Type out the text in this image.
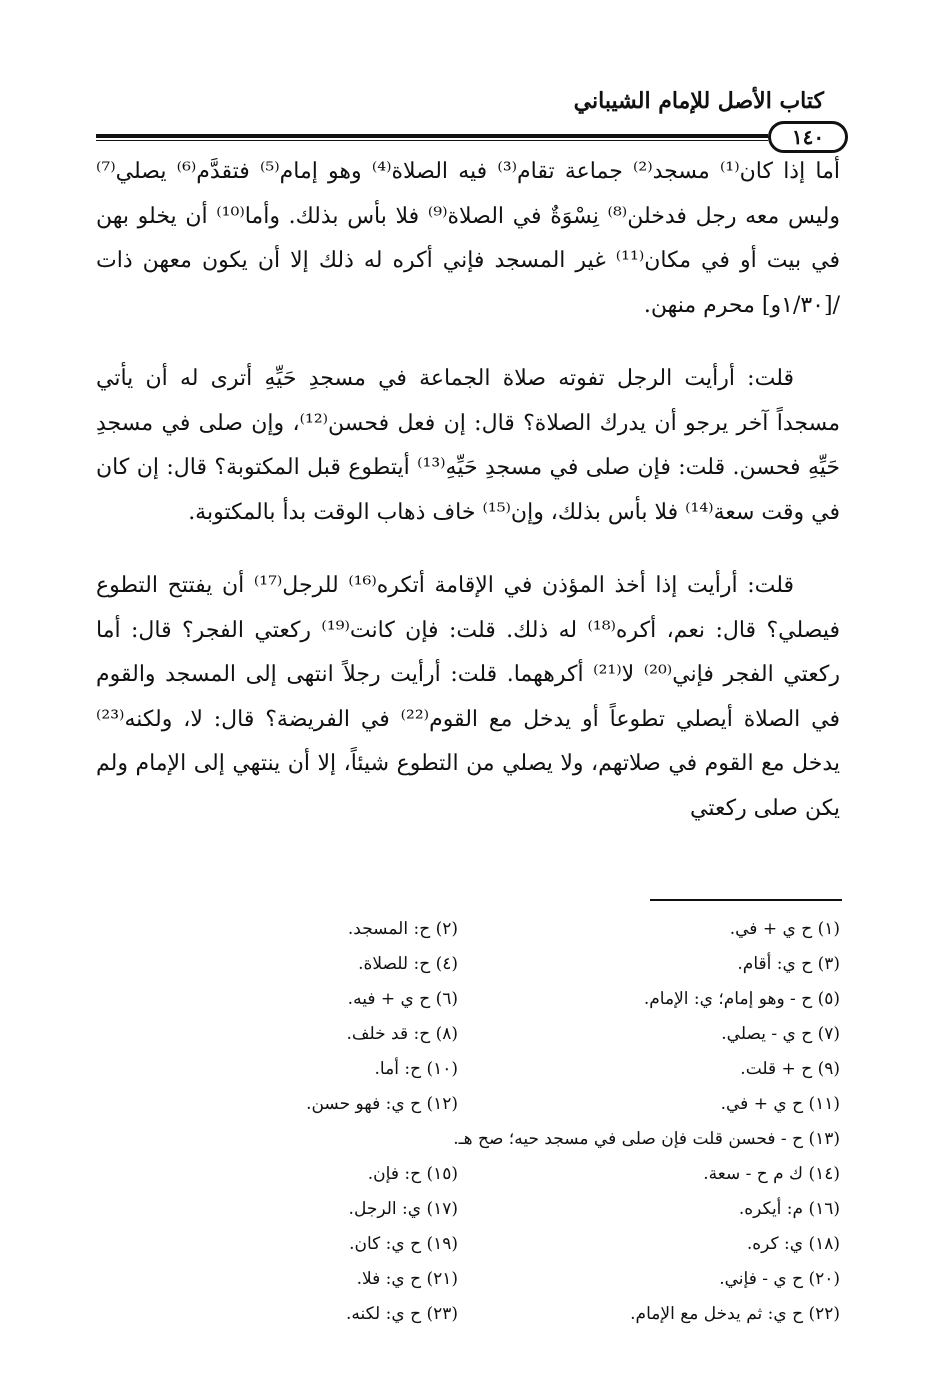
كتاب الأصل للإمام الشيباني
١٤٠

أما إذا كان⁽¹⁾ مسجد⁽²⁾ جماعة تقام⁽³⁾ فيه الصلاة⁽⁴⁾ وهو إمام⁽⁵⁾ فتقدَّم⁽⁶⁾ يصلي⁽⁷⁾ وليس معه رجل فدخلن⁽⁸⁾ نِسْوَةٌ في الصلاة⁽⁹⁾ فلا بأس بذلك. وأما⁽¹⁰⁾ أن يخلو بهن في بيت أو في مكان⁽¹¹⁾ غير المسجد فإني أكره له ذلك إلا أن يكون معهن ذات /[١/٣٠و] محرم منهن.

قلت: أرأيت الرجل تفوته صلاة الجماعة في مسجدِ حَيِّهِ أترى له أن يأتي مسجداً آخر يرجو أن يدرك الصلاة؟ قال: إن فعل فحسن⁽¹²⁾، وإن صلى في مسجدِ حَيِّهِ فحسن. قلت: فإن صلى في مسجدِ حَيِّهِ⁽¹³⁾ أيتطوع قبل المكتوبة؟ قال: إن كان في وقت سعة⁽¹⁴⁾ فلا بأس بذلك، وإن⁽¹⁵⁾ خاف ذهاب الوقت بدأ بالمكتوبة.

قلت: أرأيت إذا أخذ المؤذن في الإقامة أتكره⁽¹⁶⁾ للرجل⁽¹⁷⁾ أن يفتتح التطوع فيصلي؟ قال: نعم، أكره⁽¹⁸⁾ له ذلك. قلت: فإن كانت⁽¹⁹⁾ ركعتي الفجر؟ قال: أما ركعتي الفجر فإني⁽²⁰⁾ لا⁽²¹⁾ أكرههما. قلت: أرأيت رجلاً انتهى إلى المسجد والقوم في الصلاة أيصلي تطوعاً أو يدخل مع القوم⁽²²⁾ في الفريضة؟ قال: لا، ولكنه⁽²³⁾ يدخل مع القوم في صلاتهم، ولا يصلي من التطوع شيئاً، إلا أن ينتهي إلى الإمام ولم يكن صلى ركعتي

(١) ح ي + في.
(٢) ح: المسجد.
(٣) ح ي: أقام.
(٤) ح: للصلاة.
(٥) ح - وهو إمام؛ ي: الإمام.
(٦) ح ي + فيه.
(٧) ح ي - يصلي.
(٨) ح: قد خلف.
(٩) ح + قلت.
(١٠) ح: أما.
(١١) ح ي + في.
(١٢) ح ي: فهو حسن.
(١٣) ح - فحسن قلت فإن صلى في مسجد حيه؛ صح هـ.
(١٤) ك م ح - سعة.
(١٥) ح: فإن.
(١٦) م: أيكره.
(١٧) ي: الرجل.
(١٨) ي: كره.
(١٩) ح ي: كان.
(٢٠) ح ي - فإني.
(٢١) ح ي: فلا.
(٢٢) ح ي: ثم يدخل مع الإمام.
(٢٣) ح ي: لكنه.
